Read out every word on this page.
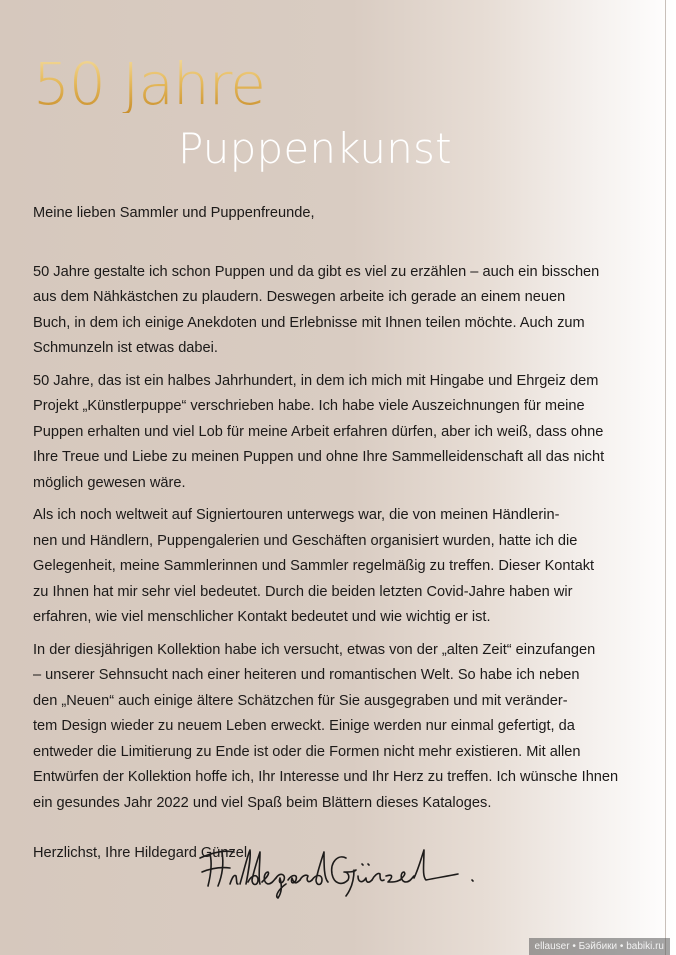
50 Jahre
Puppenkunst

Meine lieben Sammler und Puppenfreunde,

50 Jahre gestalte ich schon Puppen und da gibt es viel zu erzählen – auch ein bisschen

aus dem Nähkästchen zu plaudern. Deswegen arbeite ich gerade an einem neuen

Buch, in dem ich einige Anekdoten und Erlebnisse mit Ihnen teilen möchte. Auch zum

Schmunzeln ist etwas dabei.

50 Jahre, das ist ein halbes Jahrhundert, in dem ich mich mit Hingabe und Ehrgeiz dem

Projekt „Künstlerpuppe“ verschrieben habe. Ich habe viele Auszeichnungen für meine

Puppen erhalten und viel Lob für meine Arbeit erfahren dürfen, aber ich weiß, dass ohne

Ihre Treue und Liebe zu meinen Puppen und ohne Ihre Sammelleidenschaft all das nicht

möglich gewesen wäre.

Als ich noch weltweit auf Signiertouren unterwegs war, die von meinen Händlerin-

nen und Händlern, Puppengalerien und Geschäften organisiert wurden, hatte ich die

Gelegenheit, meine Sammlerinnen und Sammler regelmäßig zu treffen. Dieser Kontakt

zu Ihnen hat mir sehr viel bedeutet. Durch die beiden letzten Covid-Jahre haben wir

erfahren, wie viel menschlicher Kontakt bedeutet und wie wichtig er ist.

In der diesjährigen Kollektion habe ich versucht, etwas von der „alten Zeit“ einzufangen

– unserer Sehnsucht nach einer heiteren und romantischen Welt. So habe ich neben

den „Neuen“ auch einige ältere Schätzchen für Sie ausgegraben und mit veränder-

tem Design wieder zu neuem Leben erweckt. Einige werden nur einmal gefertigt, da

entweder die Limitierung zu Ende ist oder die Formen nicht mehr existieren. Mit allen

Entwürfen der Kollektion hoffe ich, Ihr Interesse und Ihr Herz zu treffen. Ich wünsche Ihnen

ein gesundes Jahr 2022 und viel Spaß beim Blättern dieses Kataloges.

Herzlichst, Ihre Hildegard Günzel

ellauser • Бэйбики • babiki.ru
